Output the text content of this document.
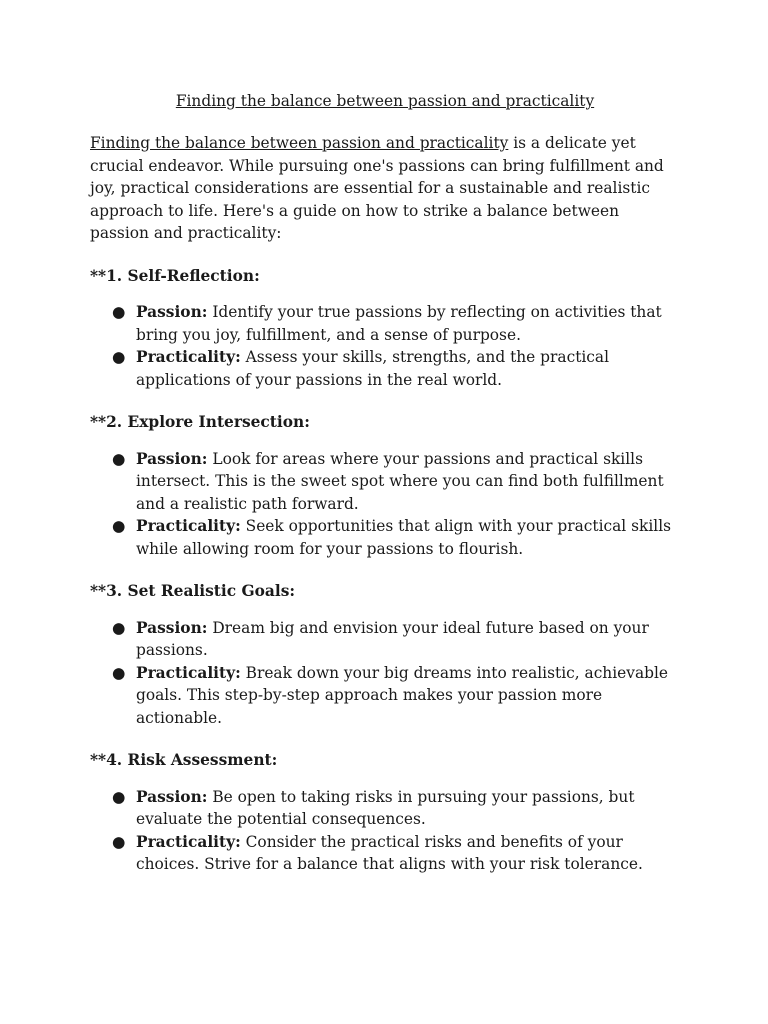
Finding the balance between passion and practicality

Finding the balance between passion and practicality is a delicate yet crucial endeavor. While pursuing one's passions can bring fulfillment and joy, practical considerations are essential for a sustainable and realistic approach to life. Here's a guide on how to strike a balance between passion and practicality:

**1. Self-Reflection:
● Passion: Identify your true passions by reflecting on activities that bring you joy, fulfillment, and a sense of purpose.
● Practicality: Assess your skills, strengths, and the practical applications of your passions in the real world.
**2. Explore Intersection:
● Passion: Look for areas where your passions and practical skills intersect. This is the sweet spot where you can find both fulfillment and a realistic path forward.
● Practicality: Seek opportunities that align with your practical skills while allowing room for your passions to flourish.
**3. Set Realistic Goals:
● Passion: Dream big and envision your ideal future based on your passions.
● Practicality: Break down your big dreams into realistic, achievable goals. This step-by-step approach makes your passion more actionable.
**4. Risk Assessment:
● Passion: Be open to taking risks in pursuing your passions, but evaluate the potential consequences.
● Practicality: Consider the practical risks and benefits of your choices. Strive for a balance that aligns with your risk tolerance.
